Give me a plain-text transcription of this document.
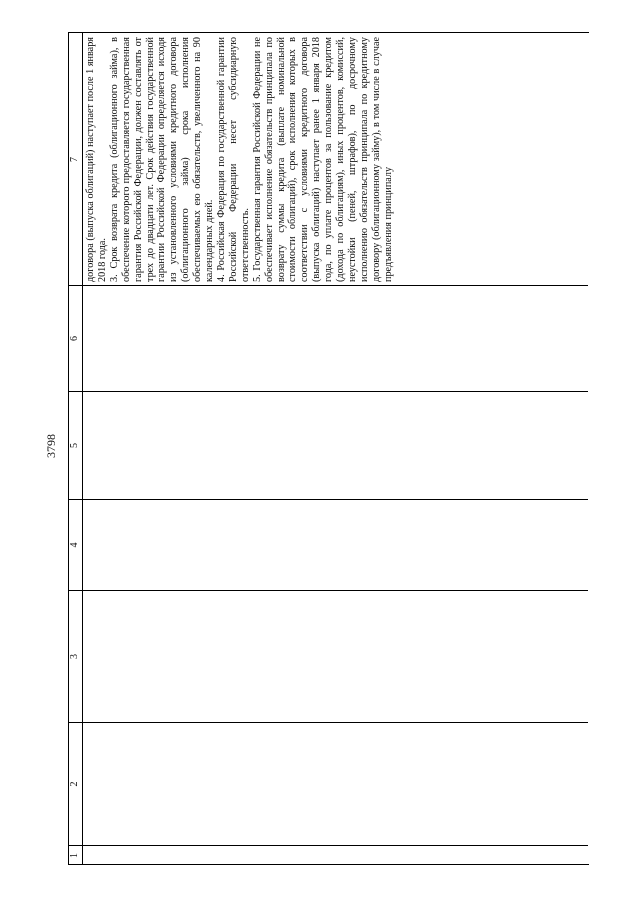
3798
1
2
3
4
5
6
7 договора (выпуска облигаций) наступает после 1 января 2018 года. 3. Срок возврата кредита (облигационного займа), в обеспечение которого предоставляется государственная гарантия Российской Федерации, должен составлять от трех до двадцати лет. Срок действия государственной гарантии Российской Федерации определяется исходя из установленного условиями кредитного договора (облигационного займа) срока исполнения обеспечиваемых ею обязательств, увеличенного на 90 календарных дней. 4. Российская Федерация по государственной гарантии Российской Федерации несет субсидиарную ответственность. 5. Государственная гарантия Российской Федерации не обеспечивает исполнение обязательств принципала по возврату суммы кредита (выплате номинальной стоимости облигаций), срок исполнения которых в соответствии с условиями кредитного договора (выпуска облигаций) наступает ранее 1 января 2018 года, по уплате процентов за пользование кредитом (дохода по облигациям), иных процентов, комиссий, неустойки (пеней, штрафов), по досрочному исполнению обязательств принципала по кредитному договору (облигационному займу), в том числе в случае предъявления принципалу
